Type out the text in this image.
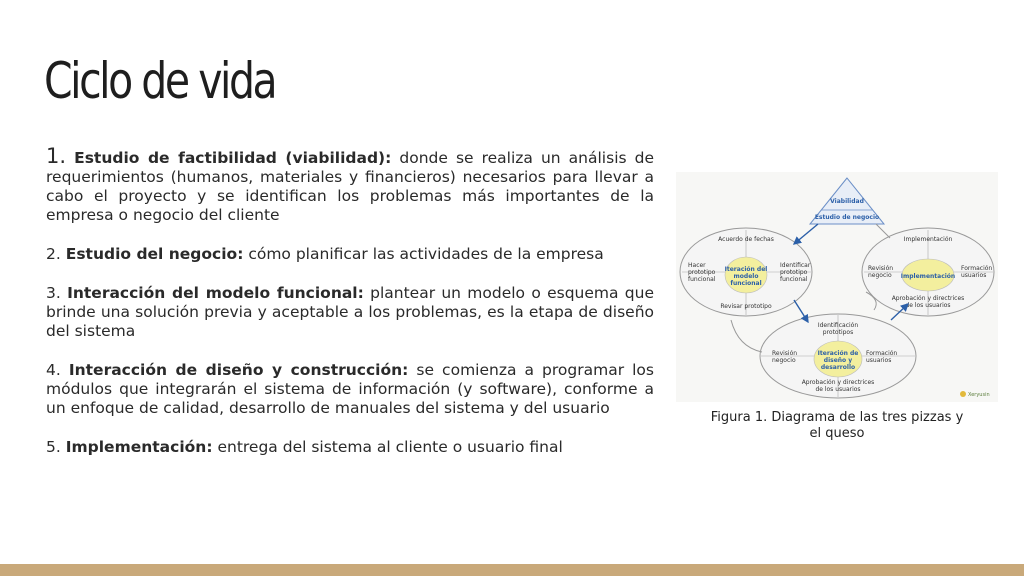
Ciclo de vida

1. Estudio de factibilidad (viabilidad): donde se realiza un análisis de requerimientos (humanos, materiales y financieros) necesarios para llevar a cabo el proyecto y se identifican los problemas más importantes de la empresa o negocio del cliente

2. Estudio del negocio: cómo planificar las actividades de la empresa

3. Interacción del modelo funcional: plantear un modelo o esquema que brinde una solución previa y aceptable a los problemas, es la etapa de diseño del sistema

4. Interacción de diseño y construcción: se comienza a programar los módulos que integrarán el sistema de información (y software), conforme a un enfoque de calidad, desarrollo de manuales del sistema y del usuario

5. Implementación: entrega del sistema al cliente o usuario final

Viabilidad
Estudio de negocio
Acuerdo de fechas
Iteración del modelo funcional
Hacer prototipo funcional
Identificar prototipo funcional
Revisar prototipo
Implementación
Implementación
Revisión negocio
Formación usuarios
Aprobación y directrices de los usuarios
Identificación prototipos
Iteración de diseño y desarrollo
Revisión negocio
Formación usuarios
Aprobación y directrices de los usuarios
Xeryusin
Figura 1. Diagrama de las tres pizzas y el queso
